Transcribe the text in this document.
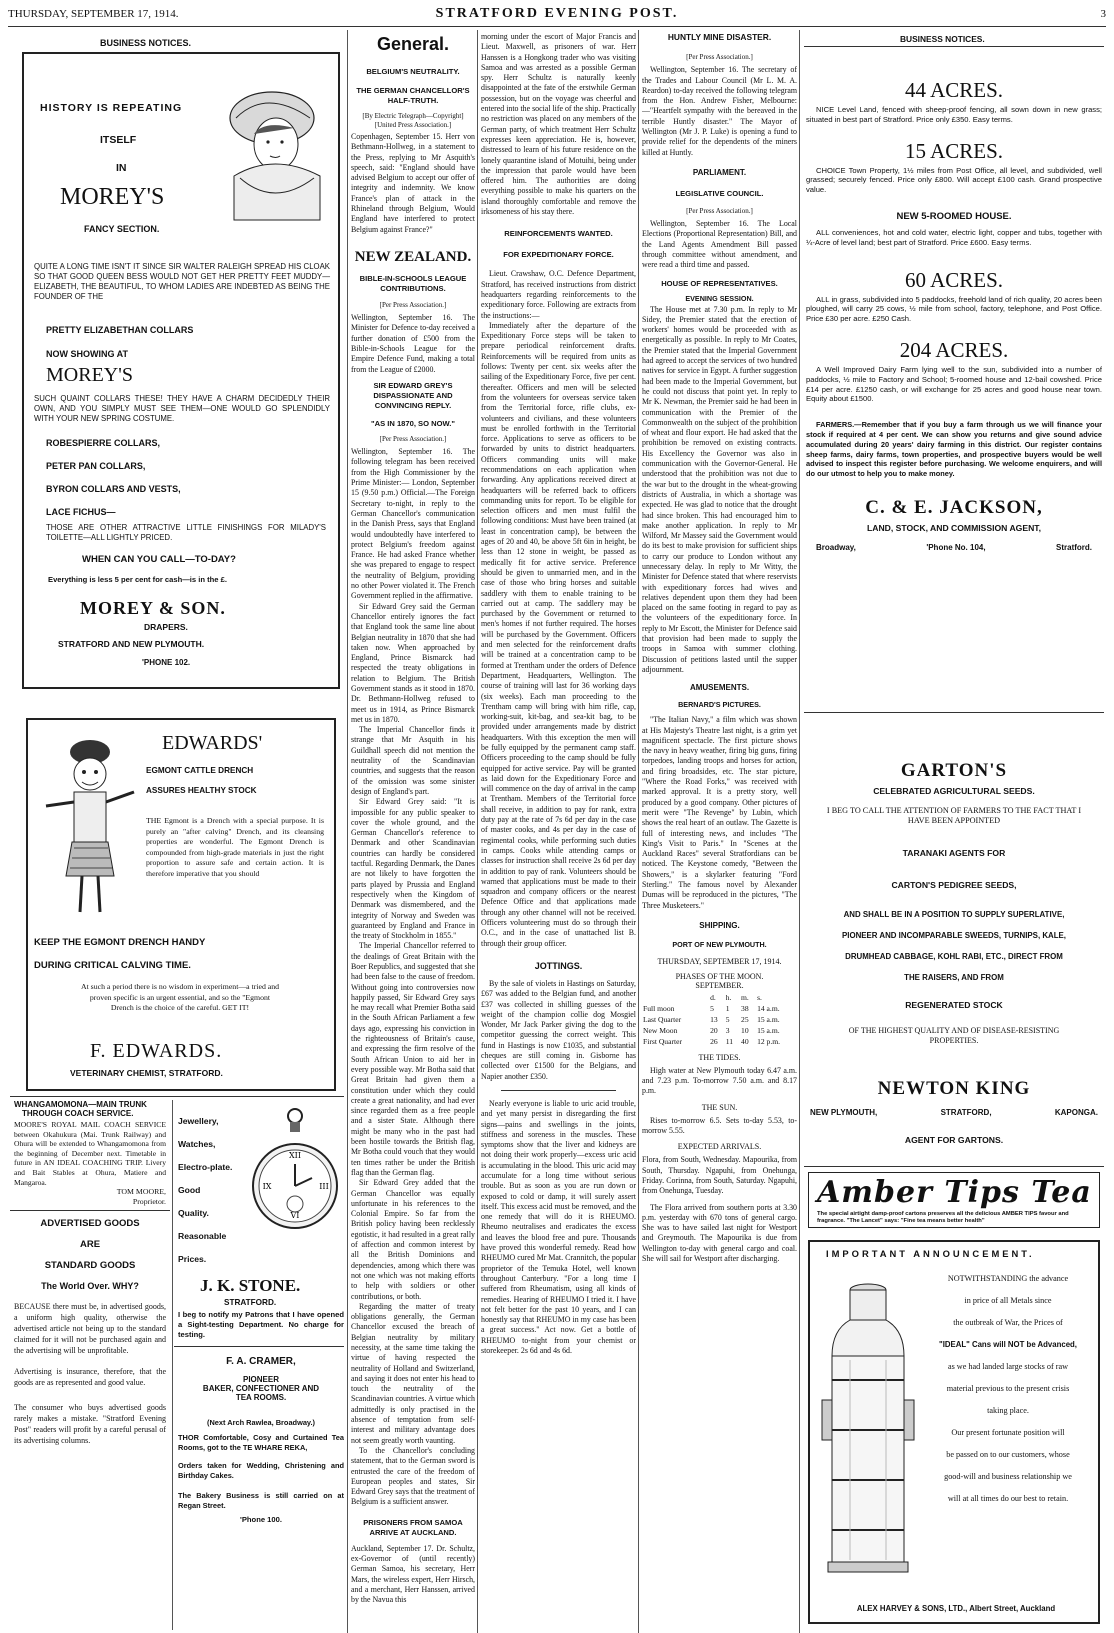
THURSDAY, SEPTEMBER 17, 1914.	STRATFORD EVENING POST.	3
BUSINESS NOTICES.
HISTORY IS REPEATING
ITSELF
IN
MOREY'S
FANCY SECTION.
QUITE A LONG TIME ISN'T IT SINCE SIR WALTER RALEIGH SPREAD HIS CLOAK SO THAT GOOD QUEEN BESS WOULD NOT GET HER PRETTY FEET MUDDY—ELIZABETH, THE BEAUTIFUL, TO WHOM LADIES ARE INDEBTED AS BEING THE FOUNDER OF THE
PRETTY ELIZABETHAN COLLARS
NOW SHOWING AT
MOREY'S
SUCH QUAINT COLLARS THESE! THEY HAVE A CHARM DECIDEDLY THEIR OWN, AND YOU SIMPLY MUST SEE THEM—ONE WOULD GO SPLENDIDLY WITH YOUR NEW SPRING COSTUME.
ROBESPIERRE COLLARS,
PETER PAN COLLARS,
BYRON COLLARS AND VESTS,
LACE FICHUS—
THOSE ARE OTHER ATTRACTIVE LITTLE FINISHINGS FOR MILADY'S TOILETTE—ALL LIGHTLY PRICED.
WHEN CAN YOU CALL—TO-DAY?
Everything is less 5 per cent for cash—is in the £.
MOREY & SON.
DRAPERS.
STRATFORD AND NEW PLYMOUTH.
'PHONE 102.
EDWARDS'
EGMONT CATTLE DRENCH
ASSURES HEALTHY STOCK
THE Egmont is a Drench with a special purpose. It is purely an "after calving" Drench, and its cleansing properties are wonderful. The Egmont Drench is compounded from high-grade materials in just the right proportion to assure safe and certain action. It is therefore imperative that you should
KEEP THE EGMONT DRENCH HANDY
DURING CRITICAL CALVING TIME.
At such a period there is no wisdom in experiment—a tried and proven specific is an urgent essential, and so the "Egmont Drench is the choice of the careful. GET IT!
F. EDWARDS.
VETERINARY CHEMIST, STRATFORD.
WHANGAMOMONA—MAIN TRUNK
THROUGH COACH SERVICE.
MOORE'S ROYAL MAIL COACH SERVICE between Okahukura (Mai. Trunk Railway) and Ohura will be extended to Whangamomona from the beginning of December next. Timetable in future in AN IDEAL COACHING TRIP. Livery and Bait Stables at Ohura, Matiere and Mangaroa.
TOM MOORE,
Proprietor.
ADVERTISED GOODS
ARE
STANDARD GOODS
The World Over. WHY?
BECAUSE there must be, in advertised goods, a uniform high quality, otherwise the advertised article not being up to the standard claimed for it will not be purchased again and the advertising will be unprofitable.
Advertising is insurance, therefore, that the goods are as represented and good value.
The consumer who buys advertised goods rarely makes a mistake. "Stratford Evening Post" readers will profit by a careful perusal of its advertising columns.
Jewellery,
Watches,
Electro-plate.
Good
Quality.
Reasonable
Prices.
XII
III
VI
IX
J. K. STONE.
STRATFORD.
I beg to notify my Patrons that I have opened a Sight-testing Department. No charge for testing.
F. A. CRAMER,
PIONEER
BAKER, CONFECTIONER AND
TEA ROOMS.
(Next Arch Rawlea, Broadway.)
THOR Comfortable, Cosy and Curtained Tea Rooms, got to the TE WHARE REKA,
Orders taken for Wedding, Christening and Birthday Cakes.
The Bakery Business is still carried on at Regan Street.
'Phone 100.
General.
BELGIUM'S NEUTRALITY.
THE GERMAN CHANCELLOR'S HALF-TRUTH.
[By Electric Telegraph—Copyright] [United Press Association.]
Copenhagen, September 15. Herr von Bethmann-Hollweg, in a statement to the Press, replying to Mr Asquith's speech, said: "England should have advised Belgium to accept our offer of integrity and indemnity. We know France's plan of attack in the Rhineland through Belgium, Would England have interfered to protect Belgium against France?"
NEW ZEALAND.
BIBLE-IN-SCHOOLS LEAGUE CONTRIBUTIONS.
[Per Press Association.]
Wellington, September 16. The Minister for Defence to-day received a further donation of £500 from the Bible-in-Schools League for the Empire Defence Fund, making a total from the League of £2000.
SIR EDWARD GREY'S DISPASSIONATE AND CONVINCING REPLY.
"AS IN 1870, SO NOW."
[Per Press Association.]
Wellington, September 16. The following telegram has been received from the High Commissioner by the Prime Minister:— London, September 15 (9.50 p.m.) Official.—The Foreign Secretary to-night, in reply to the German Chancellor's communication in the Danish Press, says that England would undoubtedly have interfered to protect Belgium's freedom against France. He had asked France whether she was prepared to engage to respect the neutrality of Belgium, providing no other Power violated it. The French Government replied in the affirmative.
Sir Edward Grey said the German Chancellor entirely ignores the fact that England took the same line about Belgian neutrality in 1870 that she had taken now. When approached by England, Prince Bismarck had respected the treaty obligations in relation to Belgium. The British Government stands as it stood in 1870. Dr. Bethmann-Hollweg refused to meet us in 1914, as Prince Bismarck met us in 1870.
The Imperial Chancellor finds it strange that Mr Asquith in his Guildhall speech did not mention the neutrality of the Scandinavian countries, and suggests that the reason of the omission was some sinister design of England's part.
Sir Edward Grey said: "It is impossible for any public speaker to cover the whole ground, and the German Chancellor's reference to Denmark and other Scandinavian countries can hardly be considered tactful. Regarding Denmark, the Danes are not likely to have forgotten the parts played by Prussia and England respectively when the Kingdom of Denmark was dismembered, and the integrity of Norway and Sweden was guaranteed by England and France in the treaty of Stockholm in 1855."
The Imperial Chancellor referred to the dealings of Great Britain with the Boer Republics, and suggested that she had been false to the cause of freedom. Without going into controversies now happily passed, Sir Edward Grey says he may recall what Premier Botha said in the South African Parliament a few days ago, expressing his conviction in the righteousness of Britain's cause, and expressing the firm resolve of the South African Union to aid her in every possible way. Mr Botha said that Great Britain had given them a constitution under which they could create a great nationality, and had ever since regarded them as a free people and a sister State. Although there might be many who in the past had been hostile towards the British flag, Mr Botha could vouch that they would ten times rather be under the British flag than the German flag.
Sir Edward Grey added that the German Chancellor was equally unfortunate in his references to the Colonial Empire. So far from the British policy having been recklessly egotistic, it had resulted in a great rally of affection and common interest by all the British Dominions and dependencies, among which there was not one which was not making efforts to help with soldiers or other contributions, or both.
Regarding the matter of treaty obligations generally, the German Chancellor excused the breach of Belgian neutrality by military necessity, at the same time taking the virtue of having respected the neutrality of Holland and Switzerland, and saying it does not enter his head to touch the neutrality of the Scandinavian countries. A virtue which admittedly is only practised in the absence of temptation from self-interest and military advantage does not seem greatly worth vaunting.
To the Chancellor's concluding statement, that to the German sword is entrusted the care of the freedom of European peoples and states, Sir Edward Grey says that the treatment of Belgium is a sufficient answer.
PRISONERS FROM SAMOA ARRIVE AT AUCKLAND.
Auckland, September 17. Dr. Schultz, ex-Governor of (until recently) German Samoa, his secretary, Herr Mars, the wireless expert, Herr Hirsch, and a merchant, Herr Hanssen, arrived by the Navua this
morning under the escort of Major Francis and Lieut. Maxwell, as prisoners of war. Herr Hanssen is a Hongkong trader who was visiting Samoa and was arrested as a possible German spy. Herr Schultz is naturally keenly disappointed at the fate of the erstwhile German possession, but on the voyage was cheerful and entered into the social life of the ship. Practically no restriction was placed on any members of the German party, of which treatment Herr Schultz expresses keen appreciation. He is, however, distressed to learn of his future residence on the lonely quarantine island of Motuihi, being under the impression that parole would have been offered him. The authorities are doing everything possible to make his quarters on the island thoroughly comfortable and remove the irksomeness of his stay there.
REINFORCEMENTS WANTED.
FOR EXPEDITIONARY FORCE.
Lieut. Crawshaw, O.C. Defence Department, Stratford, has received instructions from district headquarters regarding reinforcements to the expeditionary force. Following are extracts from the instructions:—
Immediately after the departure of the Expeditionary Force steps will be taken to prepare periodical reinforcement drafts. Reinforcements will be required from units as follows: Twenty per cent. six weeks after the sailing of the Expeditionary Force, five per cent. thereafter. Officers and men will be selected from the volunteers for overseas service taken from the Territorial force, rifle clubs, ex-volunteers and civilians, and these volunteers must be enrolled forthwith in the Territorial force. Applications to serve as officers to be forwarded by units to district headquarters. Officers commanding units will make recommendations on each application when forwarding. Any applications received direct at headquarters will be referred back to officers commanding units for report. To be eligible for selection officers and men must fulfil the following conditions: Must have been trained (at least in concentration camp), be between the ages of 20 and 40, be above 5ft 6in in height, be less than 12 stone in weight, be passed as medically fit for active service. Preference should be given to unmarried men, and in the case of those who bring horses and suitable saddlery with them to enable training to be carried out at camp. The saddlery may be purchased by the Government or returned to men's homes if not further required. The horses will be purchased by the Government. Officers and men selected for the reinforcement drafts will be trained at a concentration camp to be formed at Trentham under the orders of Defence Department, Headquarters, Wellington. The course of training will last for 36 working days (six weeks). Each man proceeding to the Trentham camp will bring with him rifle, cap, working-suit, kit-bag, and sea-kit bag, to be provided under arrangements made by district headquarters. With this exception the men will be fully equipped by the permanent camp staff. Officers proceeding to the camp should be fully equipped for active service. Pay will be granted as laid down for the Expeditionary Force and will commence on the day of arrival in the camp at Trentham. Members of the Territorial force shall receive, in addition to pay for rank, extra duty pay at the rate of 7s 6d per day in the case of master cooks, and 4s per day in the case of regimental cooks, while performing such duties in camps. Cooks while attending camps or classes for instruction shall receive 2s 6d per day in addition to pay of rank. Volunteers should be warned that applications must be made to their squadron and company officers or the nearest Defence Office and that applications made through any other channel will not be received. Officers volunteering must do so through their O.C., and in the case of unattached list B. through their group officer.
JOTTINGS.
By the sale of violets in Hastings on Saturday, £67 was added to the Belgian fund, and another £37 was collected in shilling guesses of the weight of the champion collie dog Mosgiel Wonder, Mr Jack Parker giving the dog to the competitor guessing the correct weight. This fund in Hastings is now £1035, and substantial cheques are still coming in. Gisborne has collected over £1500 for the Belgians, and Napier another £350.
Nearly everyone is liable to uric acid trouble, and yet many persist in disregarding the first signs—pains and swellings in the joints, stiffness and soreness in the muscles. These symptoms show that the liver and kidneys are not doing their work properly—excess uric acid is accumulating in the blood. This uric acid may accumulate for a long time without serious trouble. But as soon as you are run down or exposed to cold or damp, it will surely assert itself. This excess acid must be removed, and the one remedy that will do it is RHEUMO. Rheumo neutralises and eradicates the excess and leaves the blood free and pure. Thousands have proved this wonderful remedy. Read how RHEUMO cured Mr Mat. Crannitch, the popular proprietor of the Temuka Hotel, well known throughout Canterbury. "For a long time I suffered from Rheumatism, using all kinds of remedies. Hearing of RHEUMO I tried it. I have not felt better for the past 10 years, and I can honestly say that RHEUMO in my case has been a great success." Act now. Get a bottle of RHEUMO to-night from your chemist or storekeeper. 2s 6d and 4s 6d.
HUNTLY MINE DISASTER.
[Per Press Association.]
Wellington, September 16. The secretary of the Trades and Labour Council (Mr L. M. A. Reardon) to-day received the following telegram from the Hon. Andrew Fisher, Melbourne:—"Heartfelt sympathy with the bereaved in the terrible Huntly disaster." The Mayor of Wellington (Mr J. P. Luke) is opening a fund to provide relief for the dependents of the miners killed at Huntly.
PARLIAMENT.
LEGISLATIVE COUNCIL.
[Per Press Association.]
Wellington, September 16. The Local Elections (Proportional Representation) Bill, and the Land Agents Amendment Bill passed through committee without amendment, and were read a third time and passed.
HOUSE OF REPRESENTATIVES.
EVENING SESSION.
The House met at 7.30 p.m. In reply to Mr Sidey, the Premier stated that the erection of workers' homes would be proceeded with as energetically as possible. In reply to Mr Coates, the Premier stated that the Imperial Government had agreed to accept the services of two hundred natives for service in Egypt. A further suggestion had been made to the Imperial Government, but he could not discuss that point yet. In reply to Mr K. Newman, the Premier said he had been in communication with the Premier of the Commonwealth on the subject of the prohibition of wheat and flour export. He had asked that the prohibition be removed on existing contracts. His Excellency the Governor was also in communication with the Governor-General. He understood that the prohibition was not due to the war but to the drought in the wheat-growing districts of Australia, in which a shortage was expected. He was glad to notice that the drought had since broken. This had encouraged him to make another application. In reply to Mr Wilford, Mr Massey said the Government would do its best to make provision for sufficient ships to carry our produce to London without any unnecessary delay. In reply to Mr Witty, the Minister for Defence stated that where reservists with expeditionary forces had wives and relatives dependent upon them they had been placed on the same footing in regard to pay as the volunteers of the expeditionary force. In reply to Mr Escott, the Minister for Defence said that provision had been made to supply the troops in Samoa with summer clothing. Discussion of petitions lasted until the supper adjournment.
AMUSEMENTS.
BERNARD'S PICTURES.
"The Italian Navy," a film which was shown at His Majesty's Theatre last night, is a grim yet magnificent spectacle. The first picture shows the navy in heavy weather, firing big guns, firing torpedoes, landing troops and horses for action, and firing broadsides, etc. The star picture, "Where the Road Forks," was received with marked approval. It is a pretty story, well produced by a good company. Other pictures of merit were "The Revenge" by Lubin, which shows the real heart of an outlaw. The Gazette is full of interesting news, and includes "The King's Visit to Paris." In "Scenes at the Auckland Races" several Stratfordians can be noticed. The Keystone comedy, "Between the Showers," is a skylarker featuring "Ford Sterling." The famous novel by Alexander Dumas will be reproduced in the pictures, "The Three Musketeers."
SHIPPING.
PORT OF NEW PLYMOUTH.
THURSDAY, SEPTEMBER 17, 1914.
PHASES OF THE MOON.
SEPTEMBER.
	d.	h.	m.	s.
Full moon	5	1	38	14 a.m.
Last Quarter	13	5	25	15 a.m.
New Moon	20	3	10	15 a.m.
First Quarter	26	11	40	12 p.m.
THE TIDES.
High water at New Plymouth today 6.47 a.m. and 7.23 p.m. To-morrow 7.50 a.m. and 8.17 p.m.
THE SUN.
Rises to-morrow 6.5. Sets to-day 5.53, to-morrow 5.55.
EXPECTED ARRIVALS.
Flora, from South, Wednesday. Mapourika, from South, Thursday. Ngapuhi, from Onehunga, Friday. Corinna, from South, Saturday. Ngapuhi, from Onehunga, Tuesday.
The Flora arrived from southern ports at 3.30 p.m. yesterday with 670 tons of general cargo. She was to have sailed last night for Westport and Greymouth. The Mapourika is due from Wellington to-day with general cargo and coal. She will sail for Westport after discharging.
BUSINESS NOTICES.
44 ACRES.
NICE Level Land, fenced with sheep-proof fencing, all sown down in new grass; situated in best part of Stratford. Price only £350. Easy terms.
15 ACRES.
CHOICE Town Property, 1½ miles from Post Office, all level, and subdivided, well grassed; securely fenced. Price only £800. Will accept £100 cash. Grand prospective value.
NEW 5-ROOMED HOUSE.
ALL conveniences, hot and cold water, electric light, copper and tubs, together with ¼-Acre of level land; best part of Stratford. Price £600. Easy terms.
60 ACRES.
ALL in grass, subdivided into 5 paddocks, freehold land of rich quality, 20 acres been ploughed, will carry 25 cows, ½ mile from school, factory, telephone, and Post Office. Price £30 per acre. £250 Cash.
204 ACRES.
A Well Improved Dairy Farm lying well to the sun, subdivided into a number of paddocks, ½ mile to Factory and School; 5-roomed house and 12-bail cowshed. Price £14 per acre. £1250 cash, or will exchange for 25 acres and good house near town. Equity about £1500.
FARMERS.—Remember that if you buy a farm through us we will finance your stock if required at 4 per cent. We can show you returns and give sound advice accumulated during 20 years' dairy farming in this district. Our register contains sheep farms, dairy farms, town properties, and prospective buyers would be well advised to inspect this register before purchasing. We welcome enquirers, and will do our utmost to help you to make money.
C. & E. JACKSON,
LAND, STOCK, AND COMMISSION AGENT,
Broadway,	'Phone No. 104,	Stratford.
GARTON'S
CELEBRATED AGRICULTURAL SEEDS.
I BEG TO CALL THE ATTENTION OF FARMERS TO THE FACT THAT I HAVE BEEN APPOINTED
TARANAKI AGENTS FOR
CARTON'S PEDIGREE SEEDS,
AND SHALL BE IN A POSITION TO SUPPLY SUPERLATIVE,
PIONEER AND INCOMPARABLE SWEEDS, TURNIPS, KALE,
DRUMHEAD CABBAGE, KOHL RABI, ETC., DIRECT FROM
THE RAISERS, AND FROM
REGENERATED STOCK
OF THE HIGHEST QUALITY AND OF DISEASE-RESISTING PROPERTIES.
NEWTON KING
NEW PLYMOUTH,	STRATFORD,	KAPONGA.
AGENT FOR GARTONS.
Amber Tips Tea
The special airtight damp-proof cartons preserves all the delicious AMBER TIPS favour and fragrance. "The Lancet" says: "Fine tea means better health"
IMPORTANT ANNOUNCEMENT.
NOTWITHSTANDING the advance
in price of all Metals since
the outbreak of War, the Prices of
"IDEAL" Cans will NOT be Advanced,
as we had landed large stocks of raw
material previous to the present crisis
taking place.
Our present fortunate position will
be passed on to our customers, whose
good-will and business relationship we
will at all times do our best to retain.
ALEX HARVEY & SONS, LTD., Albert Street, Auckland
